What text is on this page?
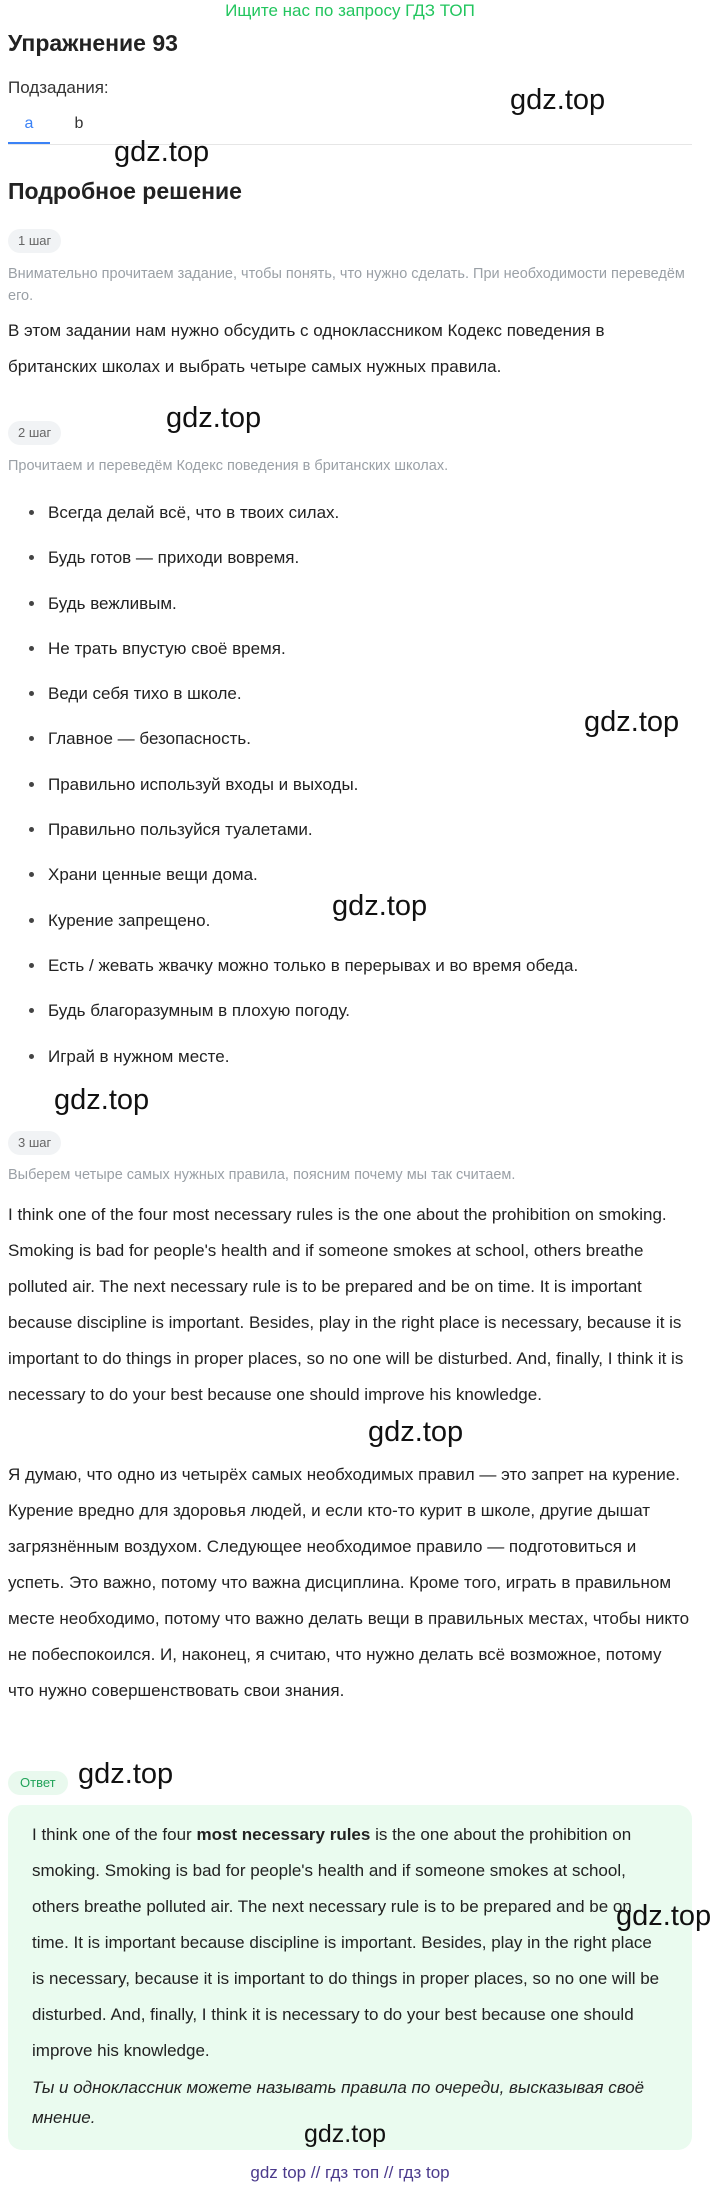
Ищите нас по запросу ГДЗ ТОП
Упражнение 93
Подзадания:
a	b
Подробное решение
1 шаг
Внимательно прочитаем задание, чтобы понять, что нужно сделать. При необходимости переведём его.
В этом задании нам нужно обсудить с одноклассником Кодекс поведения в британских школах и выбрать четыре самых нужных правила.
2 шаг
Прочитаем и переведём Кодекс поведения в британских школах.
Всегда делай всё, что в твоих силах.
Будь готов — приходи вовремя.
Будь вежливым.
Не трать впустую своё время.
Веди себя тихо в школе.
Главное — безопасность.
Правильно используй входы и выходы.
Правильно пользуйся туалетами.
Храни ценные вещи дома.
Курение запрещено.
Есть / жевать жвачку можно только в перерывах и во время обеда.
Будь благоразумным в плохую погоду.
Играй в нужном месте.
3 шаг
Выберем четыре самых нужных правила, поясним почему мы так считаем.
I think one of the four most necessary rules is the one about the prohibition on smoking. Smoking is bad for people's health and if someone smokes at school, others breathe polluted air. The next necessary rule is to be prepared and be on time. It is important because discipline is important. Besides, play in the right place is necessary, because it is important to do things in proper places, so no one will be disturbed. And, finally, I think it is necessary to do your best because one should improve his knowledge.
Я думаю, что одно из четырёх самых необходимых правил — это запрет на курение. Курение вредно для здоровья людей, и если кто-то курит в школе, другие дышат загрязнённым воздухом. Следующее необходимое правило — подготовиться и успеть. Это важно, потому что важна дисциплина. Кроме того, играть в правильном месте необходимо, потому что важно делать вещи в правильных местах, чтобы никто не побеспокоился. И, наконец, я считаю, что нужно делать всё возможное, потому что нужно совершенствовать свои знания.
Ответ
I think one of the four most necessary rules is the one about the prohibition on smoking. Smoking is bad for people's health and if someone smokes at school, others breathe polluted air. The next necessary rule is to be prepared and be on time. It is important because discipline is important. Besides, play in the right place is necessary, because it is important to do things in proper places, so no one will be disturbed. And, finally, I think it is necessary to do your best because one should improve his knowledge.
Ты и одноклассник можете называть правила по очереди, высказывая своё мнение.
gdz.top
gdz.top
gdz.top
gdz.top
gdz.top
gdz.top
gdz.top
gdz.top
gdz.top
gdz.top
gdz top // гдз топ // гдз top
